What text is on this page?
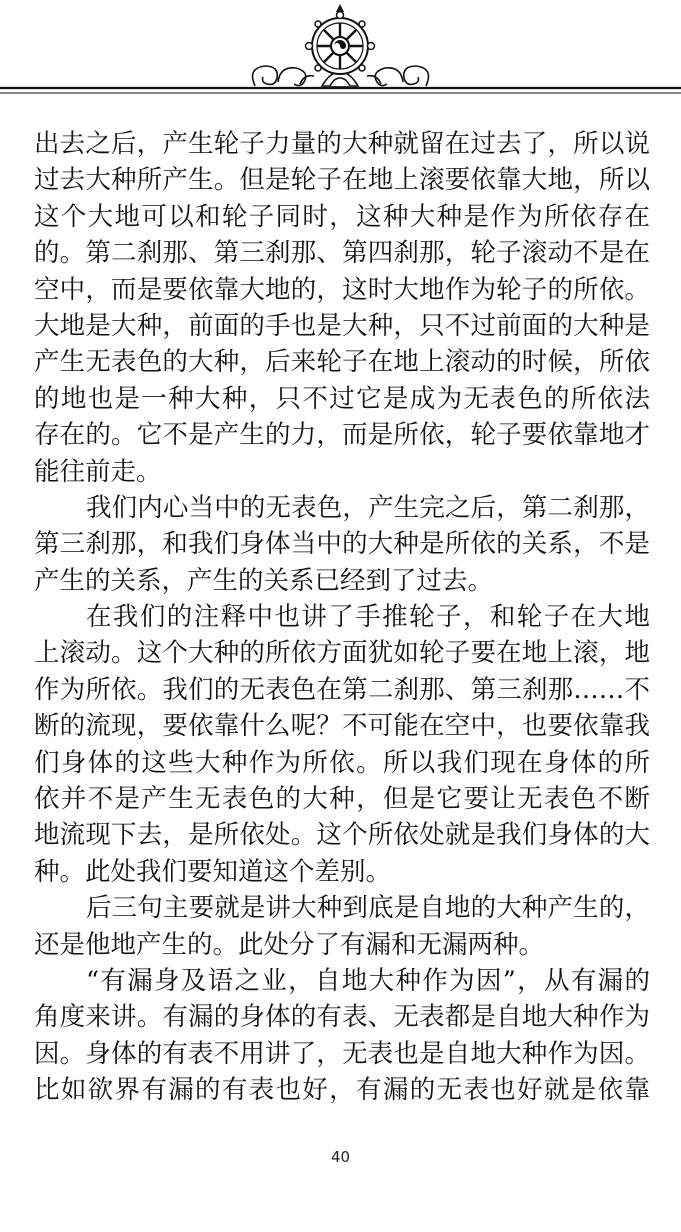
出去之后，产生轮子力量的大种就留在过去了，所以说
过去大种所产生。但是轮子在地上滚要依靠大地，所以
这个大地可以和轮子同时，这种大种是作为所依存在
的。第二刹那、第三刹那、第四刹那，轮子滚动不是在
空中，而是要依靠大地的，这时大地作为轮子的所依。
大地是大种，前面的手也是大种，只不过前面的大种是
产生无表色的大种，后来轮子在地上滚动的时候，所依
的地也是一种大种，只不过它是成为无表色的所依法
存在的。它不是产生的力，而是所依，轮子要依靠地才
能往前走。
我们内心当中的无表色，产生完之后，第二刹那，
第三刹那，和我们身体当中的大种是所依的关系，不是
产生的关系，产生的关系已经到了过去。
在我们的注释中也讲了手推轮子，和轮子在大地
上滚动。这个大种的所依方面犹如轮子要在地上滚，地
作为所依。我们的无表色在第二刹那、第三刹那……不
断的流现，要依靠什么呢？不可能在空中，也要依靠我
们身体的这些大种作为所依。所以我们现在身体的所
依并不是产生无表色的大种，但是它要让无表色不断
地流现下去，是所依处。这个所依处就是我们身体的大
种。此处我们要知道这个差别。
后三句主要就是讲大种到底是自地的大种产生的，
还是他地产生的。此处分了有漏和无漏两种。
“有漏身及语之业，自地大种作为因”，从有漏的
角度来讲。有漏的身体的有表、无表都是自地大种作为
因。身体的有表不用讲了，无表也是自地大种作为因。
比如欲界有漏的有表也好，有漏的无表也好就是依靠
40
